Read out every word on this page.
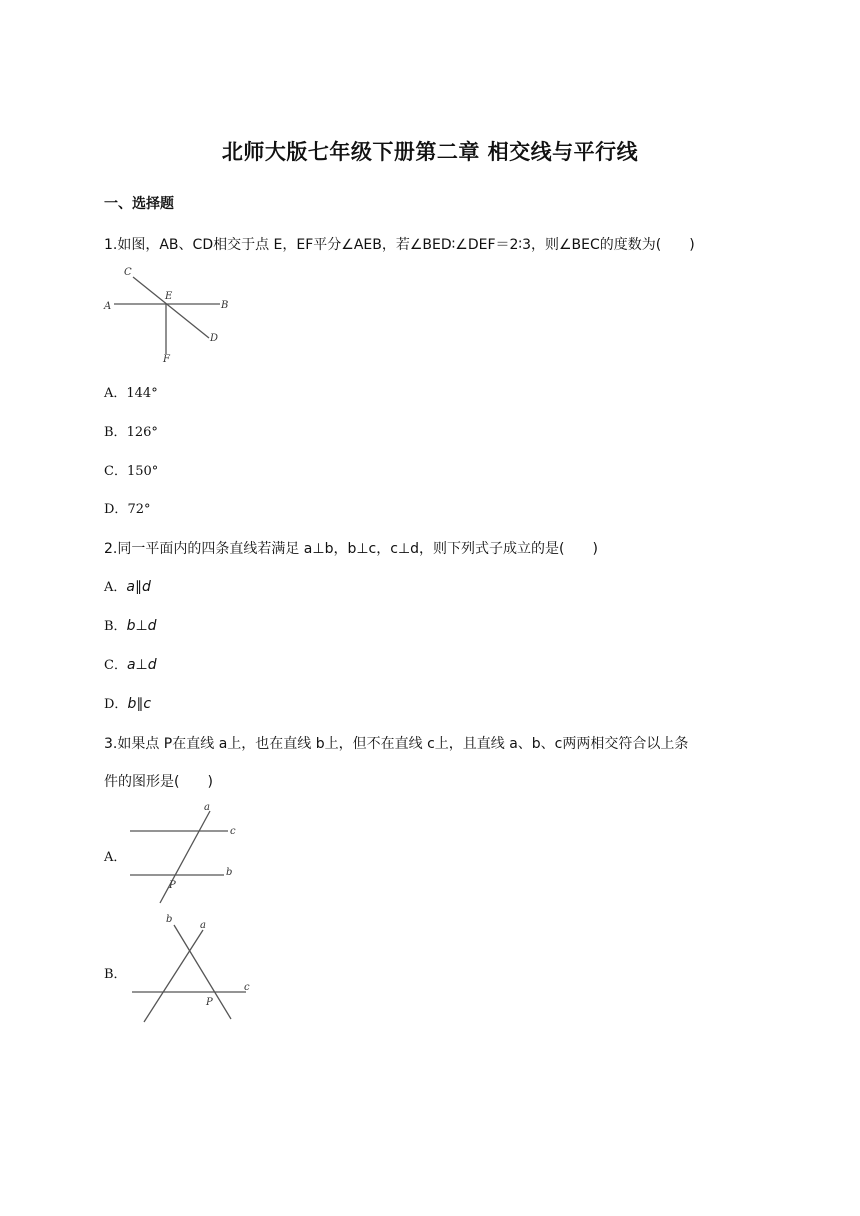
北师大版七年级下册第二章 相交线与平行线
一、选择题
1.如图，AB、CD相交于点 E，EF平分∠AEB，若∠BED∶∠DEF＝2∶3，则∠BEC的度数为(　　)
C
E
A	B
D
F
A．144°
B．126°
C．150°
D．72°
2.同一平面内的四条直线若满足 a⊥b，b⊥c，c⊥d，则下列式子成立的是(　　)
A．a∥d
B．b⊥d
C．a⊥d
D．b∥c
3.如果点 P在直线 a上，也在直线 b上，但不在直线 c上，且直线 a、b、c两两相交符合以上条
件的图形是(　　)
A．
a
c
b
P
B．
b
a
c
P
